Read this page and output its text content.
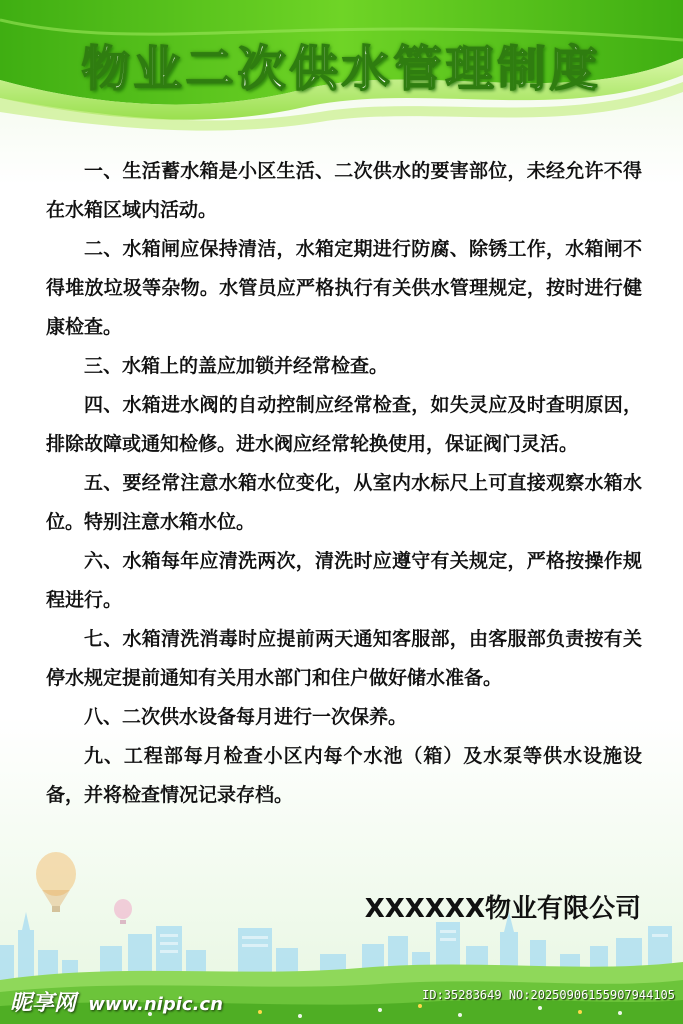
物业二次供水管理制度

一、生活蓄水箱是小区生活、二次供水的要害部位，未经允许不得在水箱区域内活动。

二、水箱闸应保持清洁，水箱定期进行防腐、除锈工作，水箱闸不得堆放垃圾等杂物。水管员应严格执行有关供水管理规定，按时进行健康检查。

三、水箱上的盖应加锁并经常检查。

四、水箱进水阀的自动控制应经常检查，如失灵应及时查明原因，排除故障或通知检修。进水阀应经常轮换使用，保证阀门灵活。

五、要经常注意水箱水位变化，从室内水标尺上可直接观察水箱水位。特别注意水箱水位。

六、水箱每年应清洗两次，清洗时应遵守有关规定，严格按操作规程进行。

七、水箱清洗消毒时应提前两天通知客服部，由客服部负责按有关停水规定提前通知有关用水部门和住户做好储水准备。

八、二次供水设备每月进行一次保养。

九、工程部每月检查小区内每个水池（箱）及水泵等供水设施设备，并将检查情况记录存档。

XXXXXX物业有限公司
昵享网 www.nipic.cn	ID:35283649 NO:20250906155907944105
